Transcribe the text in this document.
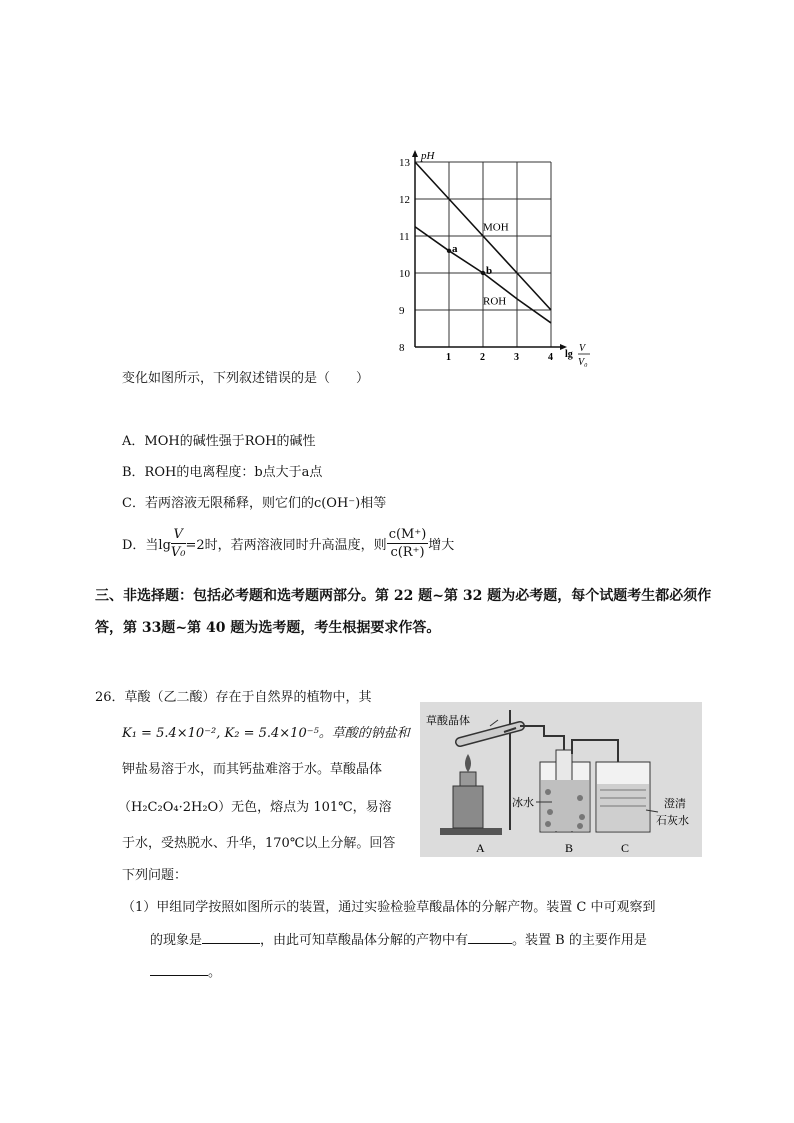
8
9
10
11
12
13
1	2	3	4
pH
lg
V
V₀
MOH
ROH
a
b
变化如图所示，下列叙述错误的是（　　）
A．MOH的碱性强于ROH的碱性
B．ROH的电离程度：b点大于a点
C．若两溶液无限稀释，则它们的c(OH⁻)相等
D．当$\lg \frac{V}{\text{V₀}} =2$时，若两溶液同时升高温度，则 $\frac{c(M^+)}{c(R^+)}$ 增大
三、非选择题：包括必考题和选考题两部分。第 22 题~第 32 题为必考题，每个试题考生都必须作
答，第 33题~第 40 题为选考题，考生根据要求作答。
26．草酸（乙二酸）存在于自然界的植物中，其
K₁ = 5.4×10⁻², K₂ = 5.4×10⁻⁵。草酸的钠盐和
钾盐易溶于水，而其钙盐难溶于水。草酸晶体
（H₂C₂O₄·2H₂O）无色，熔点为 101℃，易溶
于水，受热脱水、升华，170℃以上分解。回答
下列问题：
（1）甲组同学按照如图所示的装置，通过实验检验草酸晶体的分解产物。装置 C 中可观察到
的现象是	，由此可知草酸晶体分解的产物中有	。装置 B 的主要作用是
。
草酸晶体
冰水	澄清
石灰水
A	B	C
